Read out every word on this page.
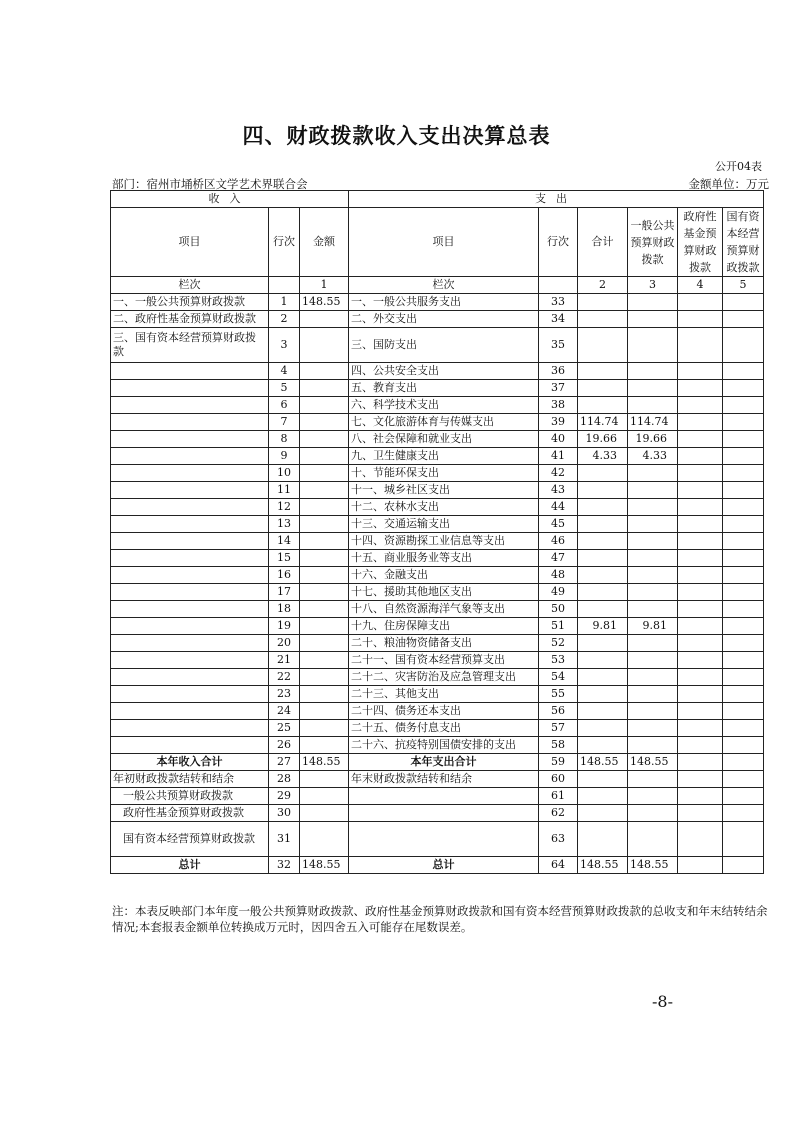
四、财政拨款收入支出决算总表
公开04表
部门：宿州市埇桥区文学艺术界联合会	金额单位：万元
收入			支出					
项目	行次	金额	项目	行次	合计	一般公共预算财政拨款	政府性基金预算财政拨款	国有资本经营预算财政拨款
栏次		1	栏次		2	3	4	5
一、一般公共预算财政拨款	1	148.55	一、一般公共服务支出	33				
二、政府性基金预算财政拨款	2		二、外交支出	34				
三、国有资本经营预算财政拨款	3		三、国防支出	35				
	4		四、公共安全支出	36				
	5		五、教育支出	37				
	6		六、科学技术支出	38				
	7		七、文化旅游体育与传媒支出	39	114.74	114.74		
	8		八、社会保障和就业支出	40	19.66	19.66		
	9		九、卫生健康支出	41	4.33	4.33		
	10		十、节能环保支出	42				
	11		十一、城乡社区支出	43				
	12		十二、农林水支出	44				
	13		十三、交通运输支出	45				
	14		十四、资源勘探工业信息等支出	46				
	15		十五、商业服务业等支出	47				
	16		十六、金融支出	48				
	17		十七、援助其他地区支出	49				
	18		十八、自然资源海洋气象等支出	50				
	19		十九、住房保障支出	51	9.81	9.81		
	20		二十、粮油物资储备支出	52				
	21		二十一、国有资本经营预算支出	53				
	22		二十二、灾害防治及应急管理支出	54				
	23		二十三、其他支出	55				
	24		二十四、债务还本支出	56				
	25		二十五、债务付息支出	57				
	26		二十六、抗疫特别国债安排的支出	58				
本年收入合计	27	148.55	本年支出合计	59	148.55	148.55		
年初财政拨款结转和结余	28		年末财政拨款结转和结余	60				
一般公共预算财政拨款	29			61				
政府性基金预算财政拨款	30			62				
国有资本经营预算财政拨款	31			63				
总计	32	148.55	总计	64	148.55	148.55		
注：本表反映部门本年度一般公共预算财政拨款、政府性基金预算财政拨款和国有资本经营预算财政拨款的总收支和年末结转结余情况;本套报表金额单位转换成万元时，因四舍五入可能存在尾数误差。
-8-
